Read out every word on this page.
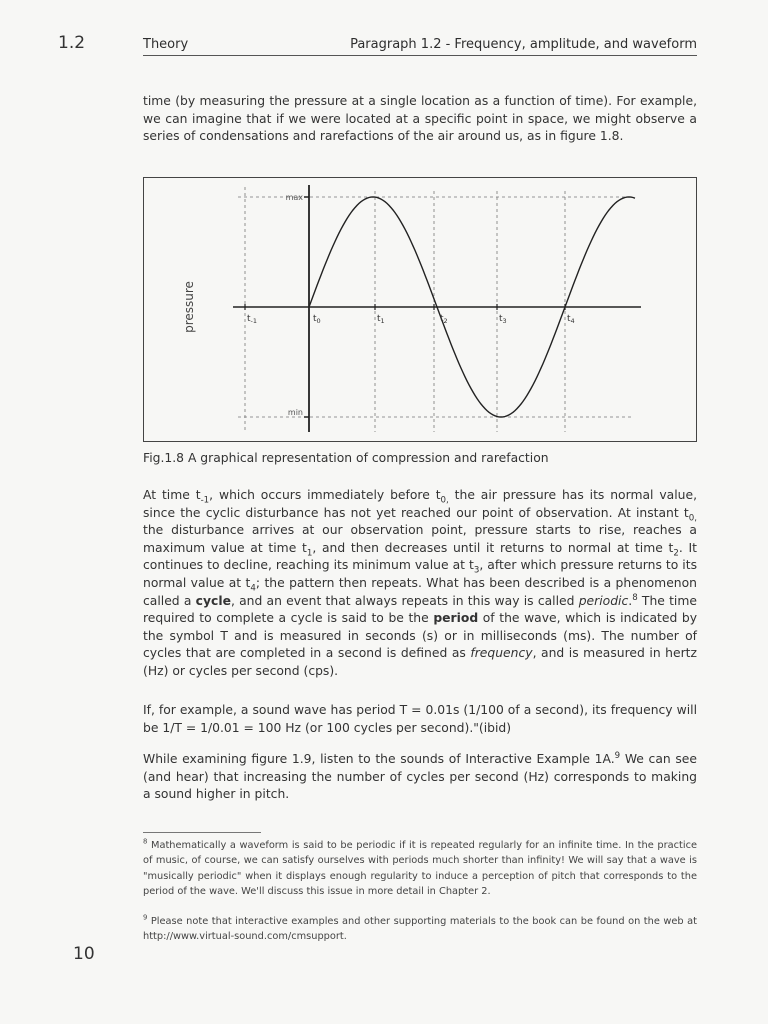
1.2	Theory	Paragraph 1.2 - Frequency, amplitude, and waveform
time (by measuring the pressure at a single location as a function of time). For example, we can imagine that if we were located at a specific point in space, we might observe a series of condensations and rarefactions of the air around us, as in figure 1.8.
pressure
max
min
$t_{-1}$	$t_0$	$t_1$	$t_2$	$t_3$	$t_4$
Fig.1.8 A graphical representation of compression and rarefaction
At time $t_{-1}$, which occurs immediately before $t_{0,}$ the air pressure has its normal value, since the cyclic disturbance has not yet reached our point of observation. At instant $t_{0,}$ the disturbance arrives at our observation point, pressure starts to rise, reaches a maximum value at time $t_1$, and then decreases until it returns to normal at time $t_2$. It continues to decline, reaching its minimum value at $t_3$, after which pressure returns to its normal value at $t_4$; the pattern then repeats. What has been described is a phenomenon called a cycle, and an event that always repeats in this way is called periodic.$^8$ The time required to complete a cycle is said to be the period of the wave, which is indicated by the symbol T and is measured in seconds (s) or in milliseconds (ms). The number of cycles that are completed in a second is defined as frequency, and is measured in hertz (Hz) or cycles per second (cps).
If, for example, a sound wave has period T = 0.01s (1/100 of a second), its frequency will be 1/T = 1/0.01 = 100 Hz (or 100 cycles per second)."(ibid)
While examining figure 1.9, listen to the sounds of Interactive Example 1A.$^9$ We can see (and hear) that increasing the number of cycles per second (Hz) corresponds to making a sound higher in pitch.
$^8$ Mathematically a waveform is said to be periodic if it is repeated regularly for an infinite time. In the practice of music, of course, we can satisfy ourselves with periods much shorter than infinity! We will say that a wave is "musically periodic" when it displays enough regularity to induce a perception of pitch that corresponds to the period of the wave. We'll discuss this issue in more detail in Chapter 2.
$^9$ Please note that interactive examples and other supporting materials to the book can be found on the web at http://www.virtual-sound.com/cmsupport.
10
